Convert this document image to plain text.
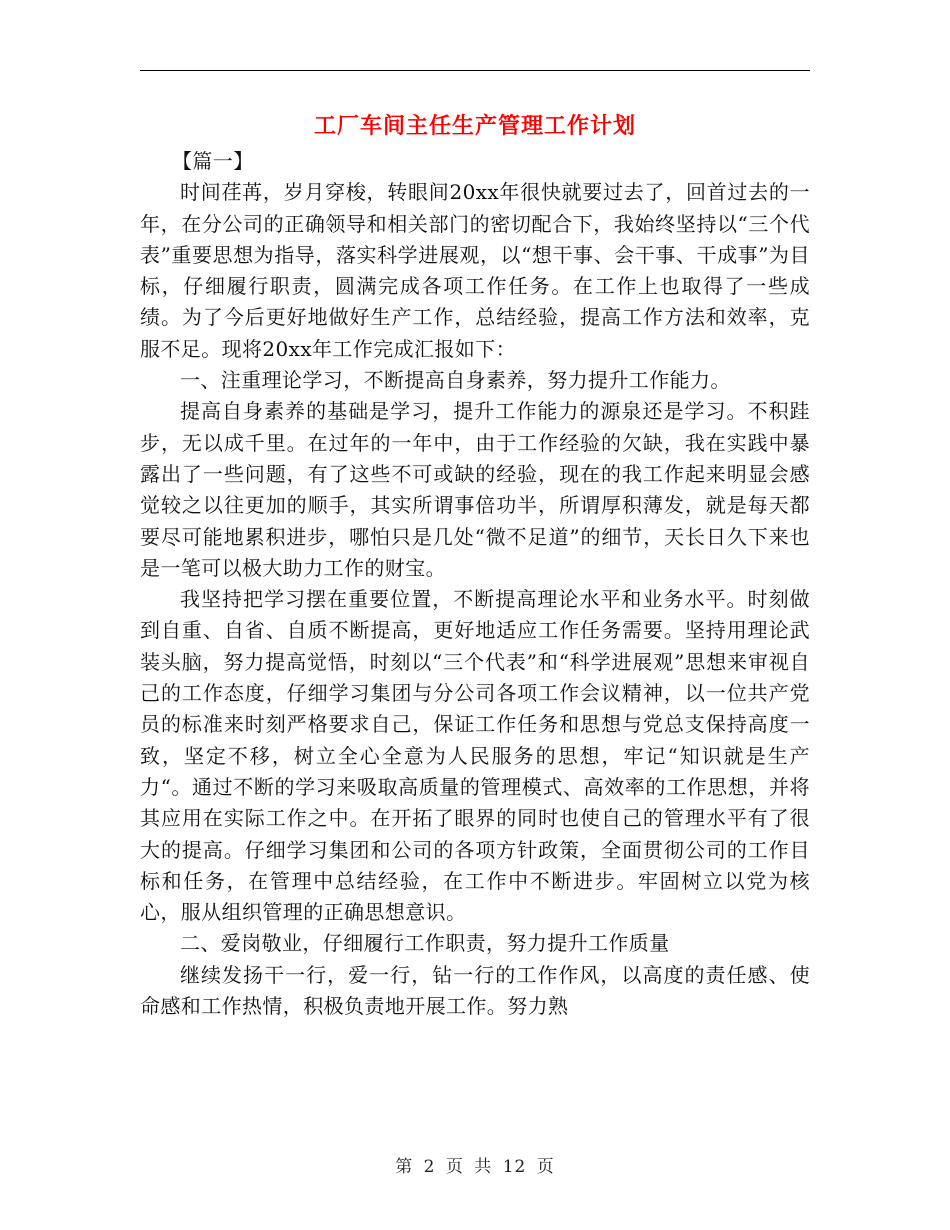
工厂车间主任生产管理工作计划

【篇一】

时间荏苒，岁月穿梭，转眼间20xx年很快就要过去了，回首过去的一年，在分公司的正确领导和相关部门的密切配合下，我始终坚持以“三个代表”重要思想为指导，落实科学进展观，以“想干事、会干事、干成事”为目标，仔细履行职责，圆满完成各项工作任务。在工作上也取得了一些成绩。为了今后更好地做好生产工作，总结经验，提高工作方法和效率，克服不足。现将20xx年工作完成汇报如下：

一、注重理论学习，不断提高自身素养，努力提升工作能力。

提高自身素养的基础是学习，提升工作能力的源泉还是学习。不积跬步，无以成千里。在过年的一年中，由于工作经验的欠缺，我在实践中暴露出了一些问题，有了这些不可或缺的经验，现在的我工作起来明显会感觉较之以往更加的顺手，其实所谓事倍功半，所谓厚积薄发，就是每天都要尽可能地累积进步，哪怕只是几处“微不足道”的细节，天长日久下来也是一笔可以极大助力工作的财宝。

我坚持把学习摆在重要位置，不断提高理论水平和业务水平。时刻做到自重、自省、自质不断提高，更好地适应工作任务需要。坚持用理论武装头脑，努力提高觉悟，时刻以“三个代表”和“科学进展观”思想来审视自己的工作态度，仔细学习集团与分公司各项工作会议精神，以一位共产党员的标准来时刻严格要求自己，保证工作任务和思想与党总支保持高度一致，坚定不移，树立全心全意为人民服务的思想，牢记“知识就是生产力“。通过不断的学习来吸取高质量的管理模式、高效率的工作思想，并将其应用在实际工作之中。在开拓了眼界的同时也使自己的管理水平有了很大的提高。仔细学习集团和公司的各项方针政策，全面贯彻公司的工作目标和任务，在管理中总结经验，在工作中不断进步。牢固树立以党为核心，服从组织管理的正确思想意识。

二、爱岗敬业，仔细履行工作职责，努力提升工作质量

继续发扬干一行，爱一行，钻一行的工作作风，以高度的责任感、使命感和工作热情，积极负责地开展工作。努力熟

第 2 页 共 12 页
